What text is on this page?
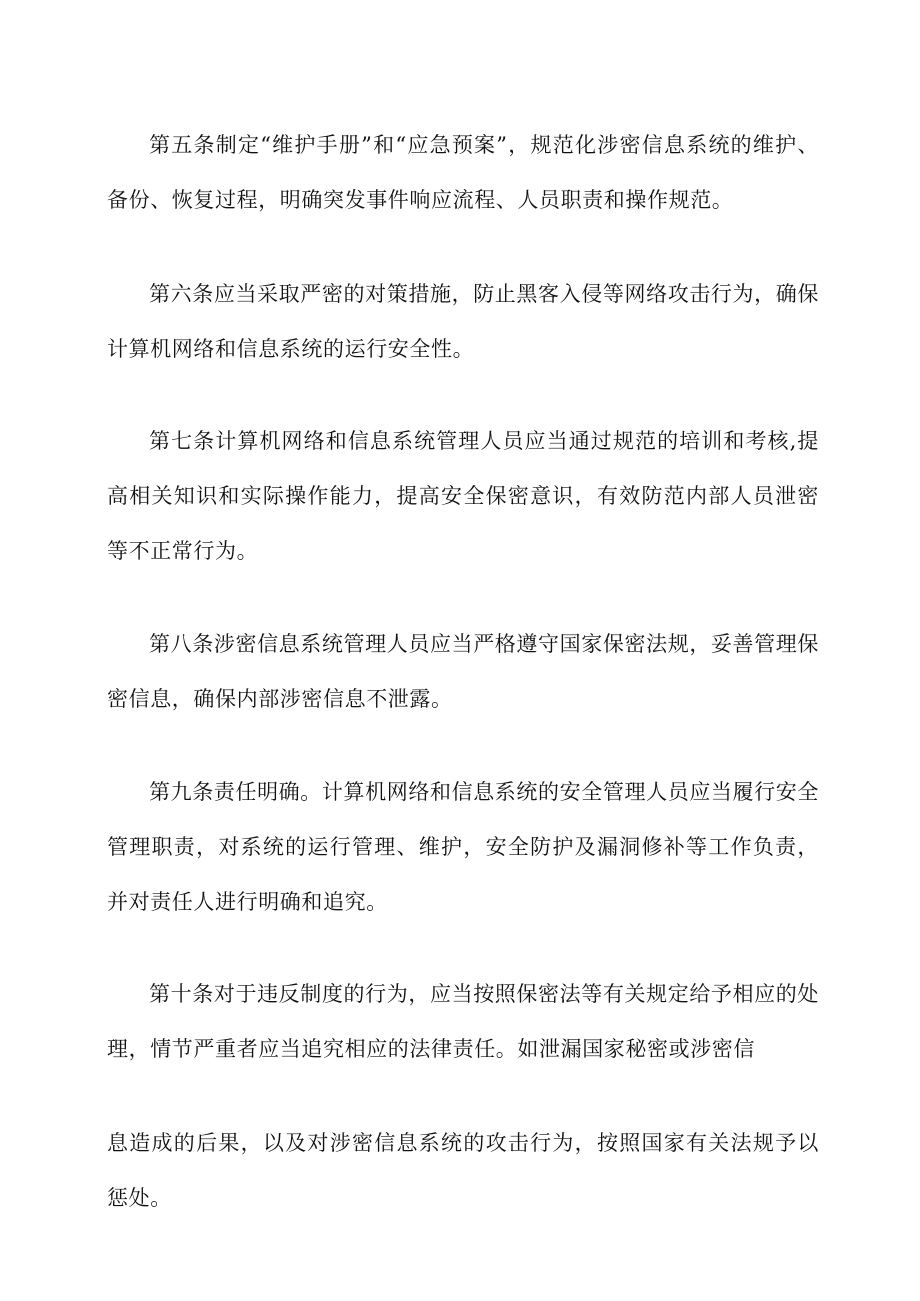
第五条制定“维护手册”和“应急预案”，规范化涉密信息系统的维护、备份、恢复过程，明确突发事件响应流程、人员职责和操作规范。

第六条应当采取严密的对策措施，防止黑客入侵等网络攻击行为，确保计算机网络和信息系统的运行安全性。

第七条计算机网络和信息系统管理人员应当通过规范的培训和考核,提高相关知识和实际操作能力，提高安全保密意识，有效防范内部人员泄密等不正常行为。

第八条涉密信息系统管理人员应当严格遵守国家保密法规，妥善管理保密信息，确保内部涉密信息不泄露。

第九条责任明确。计算机网络和信息系统的安全管理人员应当履行安全管理职责，对系统的运行管理、维护，安全防护及漏洞修补等工作负责，并对责任人进行明确和追究。

第十条对于违反制度的行为，应当按照保密法等有关规定给予相应的处理，情节严重者应当追究相应的法律责任。如泄漏国家秘密或涉密信

息造成的后果，以及对涉密信息系统的攻击行为，按照国家有关法规予以惩处。
